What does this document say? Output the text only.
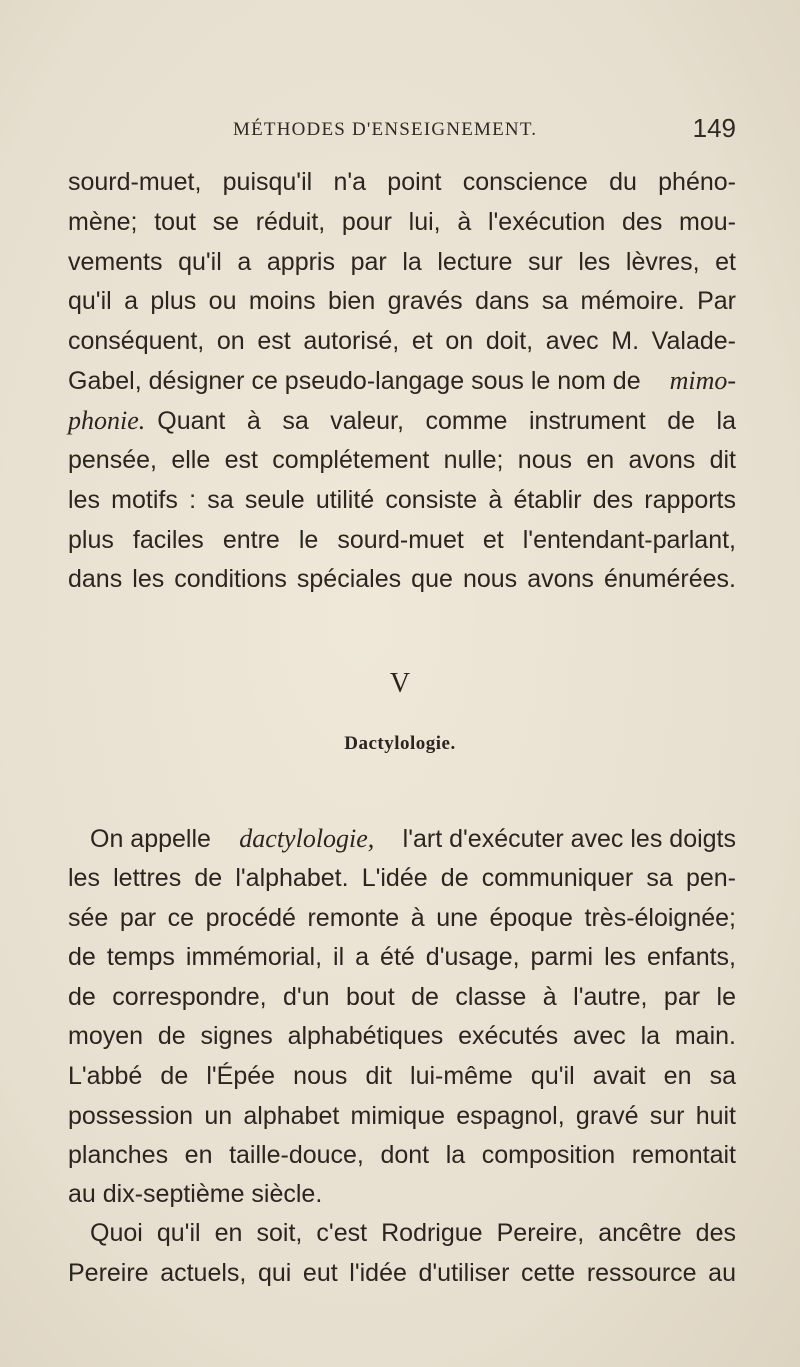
MÉTHODES D'ENSEIGNEMENT.	149
sourd-muet, puisqu'il n'a point conscience du phéno-
mène; tout se réduit, pour lui, à l'exécution des mou-
vements qu'il a appris par la lecture sur les lèvres, et
qu'il a plus ou moins bien gravés dans sa mémoire. Par
conséquent, on est autorisé, et on doit, avec M. Valade-
Gabel, désigner ce pseudo-langage sous le nom de mimo-
phonie. Quant à sa valeur, comme instrument de la
pensée, elle est complétement nulle; nous en avons dit
les motifs : sa seule utilité consiste à établir des rapports
plus faciles entre le sourd-muet et l'entendant-parlant,
dans les conditions spéciales que nous avons énumérées.
V
Dactylologie.
On appelle dactylologie, l'art d'exécuter avec les doigts
les lettres de l'alphabet. L'idée de communiquer sa pen-
sée par ce procédé remonte à une époque très-éloignée;
de temps immémorial, il a été d'usage, parmi les enfants,
de correspondre, d'un bout de classe à l'autre, par le
moyen de signes alphabétiques exécutés avec la main.
L'abbé de l'Épée nous dit lui-même qu'il avait en sa
possession un alphabet mimique espagnol, gravé sur huit
planches en taille-douce, dont la composition remontait
au dix-septième siècle.
Quoi qu'il en soit, c'est Rodrigue Pereire, ancêtre des
Pereire actuels, qui eut l'idée d'utiliser cette ressource au
